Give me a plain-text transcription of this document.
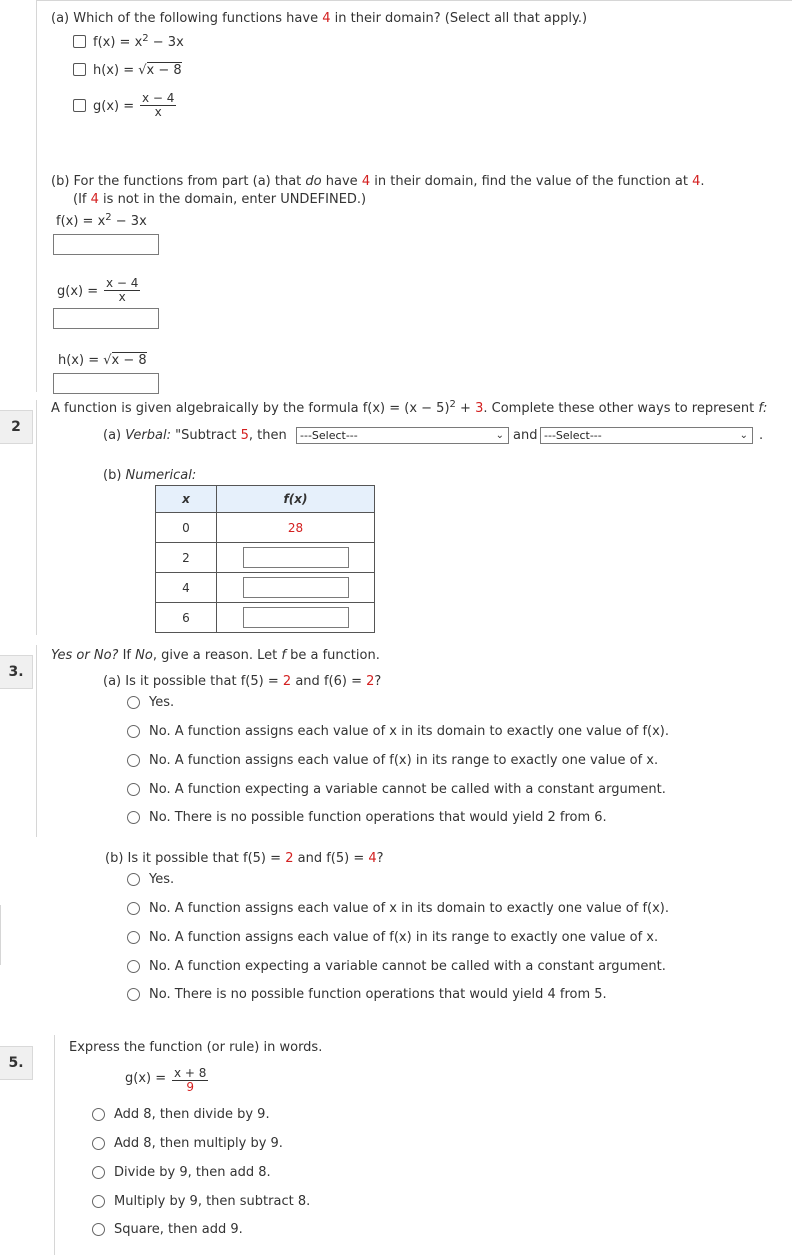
(a) Which of the following functions have 4 in their domain? (Select all that apply.)
$f(x) = x^2 - 3x$
h(x) = √x − 8
$g(x) = \frac{x - 4}{x}$
(b) For the functions from part (a) that do have 4 in their domain, find the value of the function at 4.
(If 4 is not in the domain, enter UNDEFINED.)
$f(x) = x^2 - 3x$
$g(x) = \frac{x - 4}{x}$
h(x) = √x − 8
2
A function is given algebraically by the formula $f(x) = (x - 5)^2 + 3$. Complete these other ways to represent f:
(a) Verbal: "Subtract 5, then	---Select---	⌄ and ---Select---	⌄ .
(b) Numerical:
x	f(x)
0	28
2	

4	

6	
3.
Yes or No? If No, give a reason. Let f be a function.
(a) Is it possible that f(5) = 2 and f(6) = 2?
Yes.
No. A function assigns each value of x in its domain to exactly one value of f(x).
No. A function assigns each value of f(x) in its range to exactly one value of x.
No. A function expecting a variable cannot be called with a constant argument.
No. There is no possible function operations that would yield 2 from 6.
(b) Is it possible that f(5) = 2 and f(5) = 4?
Yes.
No. A function assigns each value of x in its domain to exactly one value of f(x).
No. A function assigns each value of f(x) in its range to exactly one value of x.
No. A function expecting a variable cannot be called with a constant argument.
No. There is no possible function operations that would yield 4 from 5.
5.
Express the function (or rule) in words.
$g(x) = \frac{x + 8}{9}$
Add 8, then divide by 9.
Add 8, then multiply by 9.
Divide by 9, then add 8.
Multiply by 9, then subtract 8.
Square, then add 9.
